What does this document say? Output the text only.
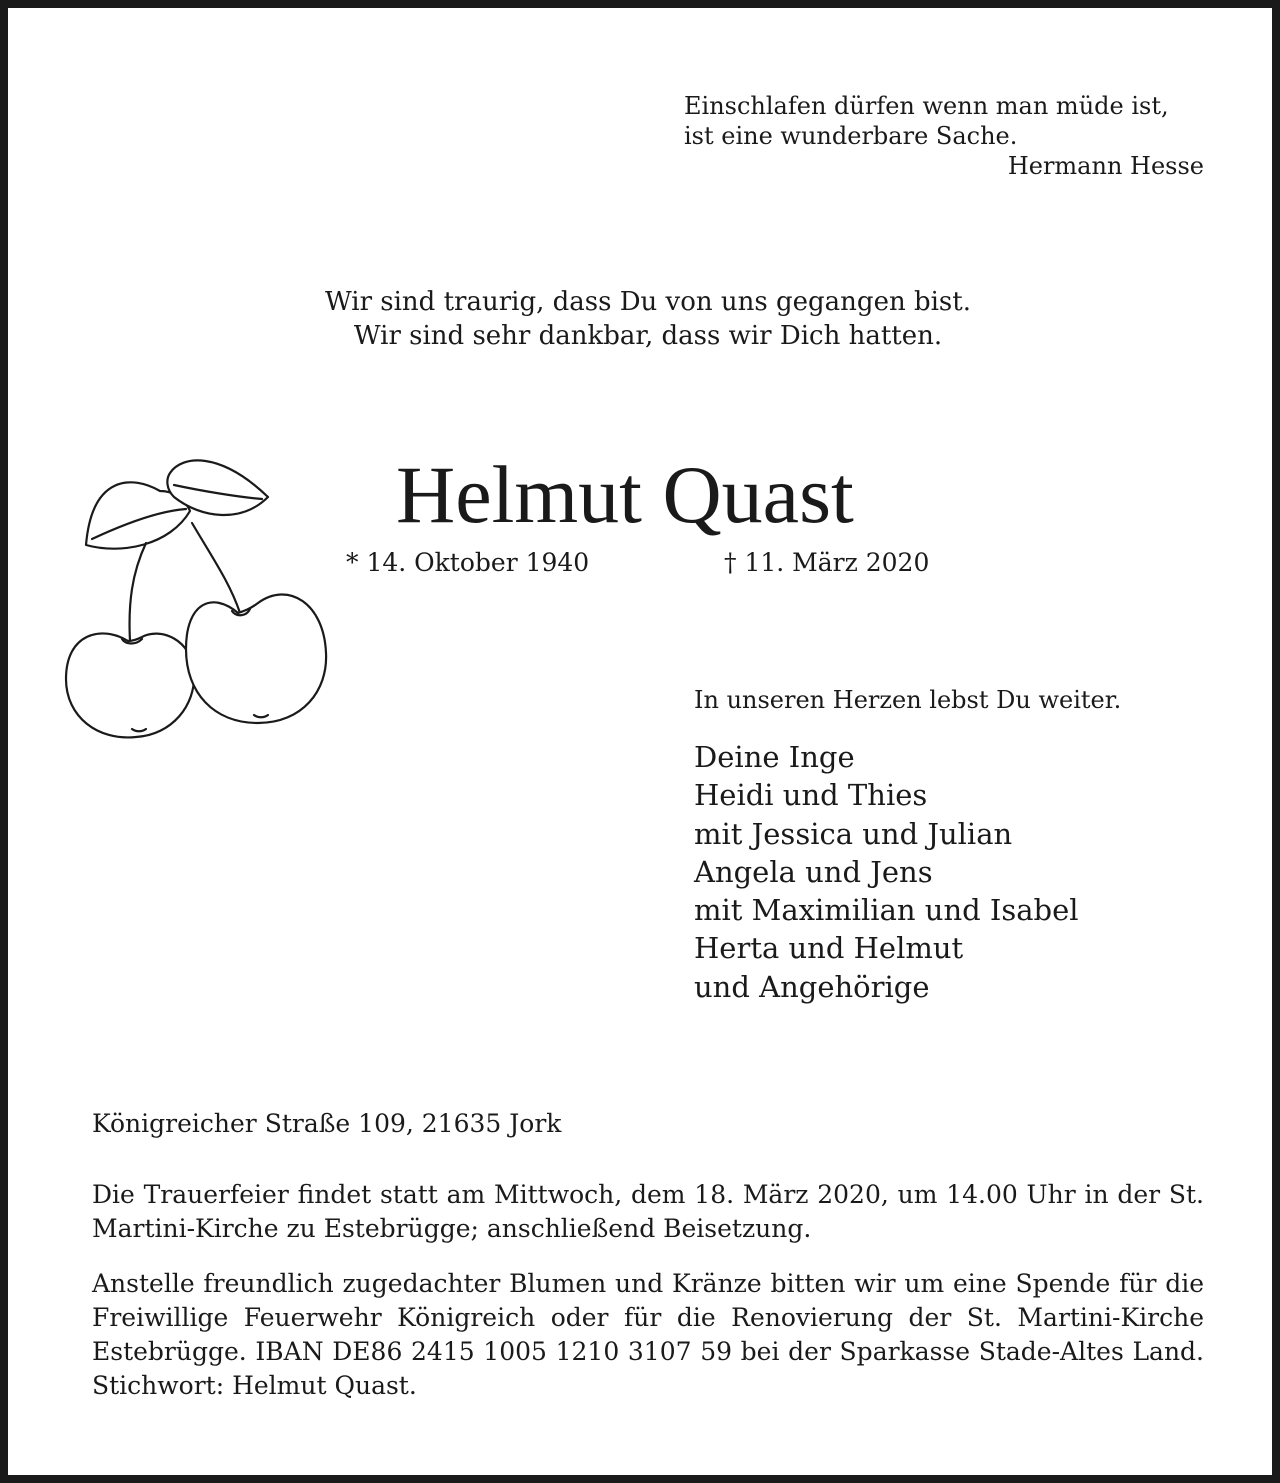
Einschlafen dürfen wenn man müde ist,
ist eine wunderbare Sache.
Hermann Hesse
Wir sind traurig, dass Du von uns gegangen bist.
Wir sind sehr dankbar, dass wir Dich hatten.
Helmut Quast
* 14. Oktober 1940	† 11. März 2020
In unseren Herzen lebst Du weiter.
Deine Inge
Heidi und Thies
mit Jessica und Julian
Angela und Jens
mit Maximilian und Isabel
Herta und Helmut
und Angehörige
Königreicher Straße 109, 21635 Jork
Die Trauerfeier findet statt am Mittwoch, dem 18. März 2020, um 14.00 Uhr in der St. Martini-Kirche zu Estebrügge; anschließend Beisetzung.
Anstelle freundlich zugedachter Blumen und Kränze bitten wir um eine Spende für die Freiwillige Feuerwehr Königreich oder für die Renovierung der St. Martini-Kirche Estebrügge. IBAN DE86 2415 1005 1210 3107 59 bei der Sparkasse Stade-Altes Land. Stichwort: Helmut Quast.
